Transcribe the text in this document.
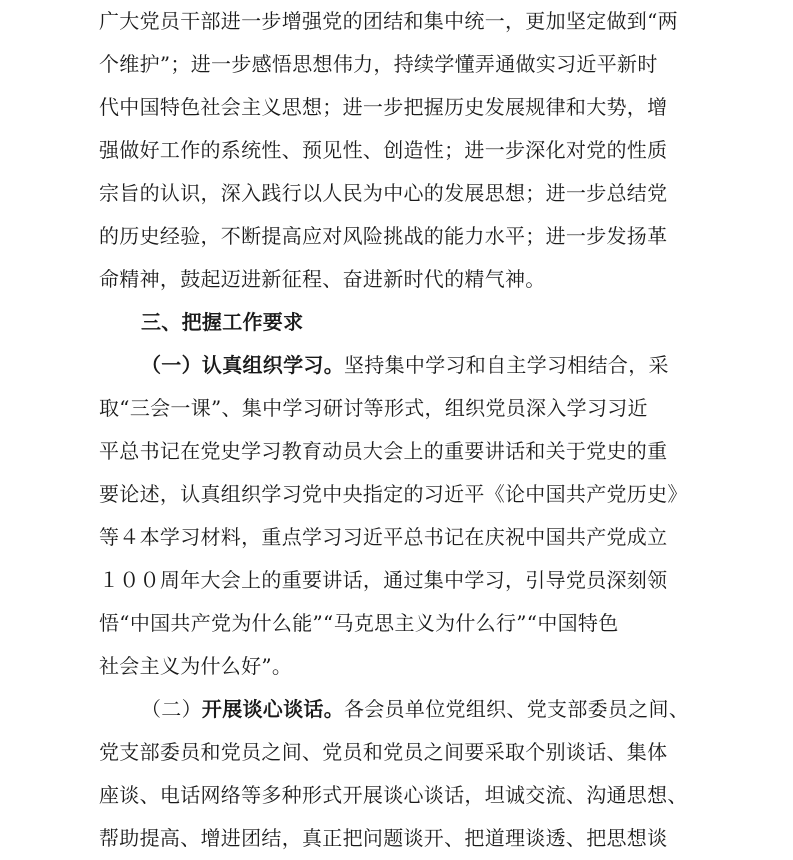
广大党员干部进一步增强党的团结和集中统一，更加坚定做到“两
个维护”；进一步感悟思想伟力，持续学懂弄通做实习近平新时
代中国特色社会主义思想；进一步把握历史发展规律和大势，增
强做好工作的系统性、预见性、创造性；进一步深化对党的性质
宗旨的认识，深入践行以人民为中心的发展思想；进一步总结党
的历史经验，不断提高应对风险挑战的能力水平；进一步发扬革
命精神，鼓起迈进新征程、奋进新时代的精气神。
三、把握工作要求
（一）认真组织学习。坚持集中学习和自主学习相结合，采
取“三会一课”、集中学习研讨等形式，组织党员深入学习习近
平总书记在党史学习教育动员大会上的重要讲话和关于党史的重
要论述，认真组织学习党中央指定的习近平《论中国共产党历史》
等４本学习材料，重点学习习近平总书记在庆祝中国共产党成立
１００周年大会上的重要讲话，通过集中学习，引导党员深刻领
悟“中国共产党为什么能”“马克思主义为什么行”“中国特色
社会主义为什么好”。
（二）开展谈心谈话。各会员单位党组织、党支部委员之间、
党支部委员和党员之间、党员和党员之间要采取个别谈话、集体
座谈、电话网络等多种形式开展谈心谈话，坦诚交流、沟通思想、
帮助提高、增进团结，真正把问题谈开、把道理谈透、把思想谈
